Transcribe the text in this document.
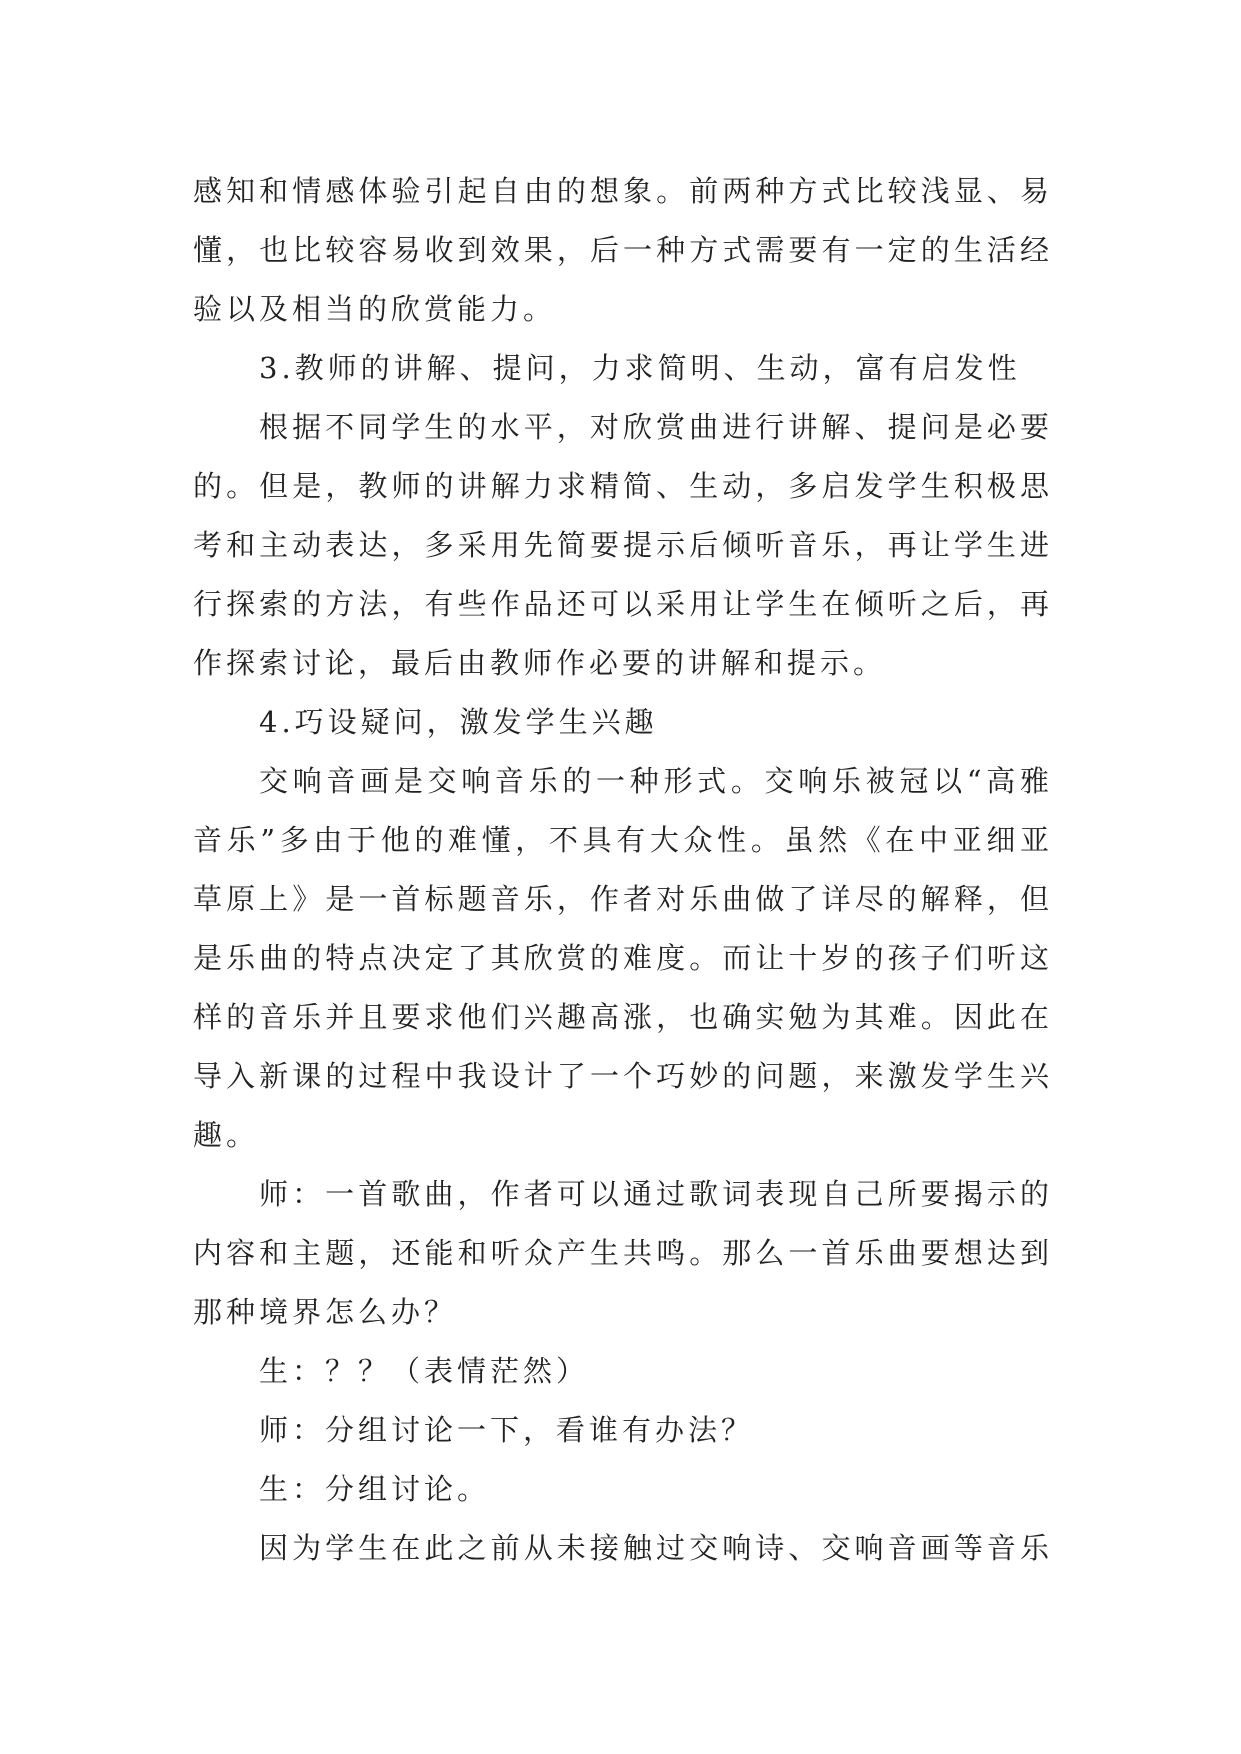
感知和情感体验引起自由的想象。前两种方式比较浅显、易
懂，也比较容易收到效果，后一种方式需要有一定的生活经
验以及相当的欣赏能力。
3.教师的讲解、提问，力求简明、生动，富有启发性
根据不同学生的水平，对欣赏曲进行讲解、提问是必要
的。但是，教师的讲解力求精简、生动，多启发学生积极思
考和主动表达，多采用先简要提示后倾听音乐，再让学生进
行探索的方法，有些作品还可以采用让学生在倾听之后，再
作探索讨论，最后由教师作必要的讲解和提示。
4.巧设疑问，激发学生兴趣
交响音画是交响音乐的一种形式。交响乐被冠以“高雅
音乐”多由于他的难懂，不具有大众性。虽然《在中亚细亚
草原上》是一首标题音乐，作者对乐曲做了详尽的解释，但
是乐曲的特点决定了其欣赏的难度。而让十岁的孩子们听这
样的音乐并且要求他们兴趣高涨，也确实勉为其难。因此在
导入新课的过程中我设计了一个巧妙的问题，来激发学生兴
趣。
师：一首歌曲，作者可以通过歌词表现自己所要揭示的
内容和主题，还能和听众产生共鸣。那么一首乐曲要想达到
那种境界怎么办？
生：？？（表情茫然）
师：分组讨论一下，看谁有办法？
生：分组讨论。
因为学生在此之前从未接触过交响诗、交响音画等音乐
